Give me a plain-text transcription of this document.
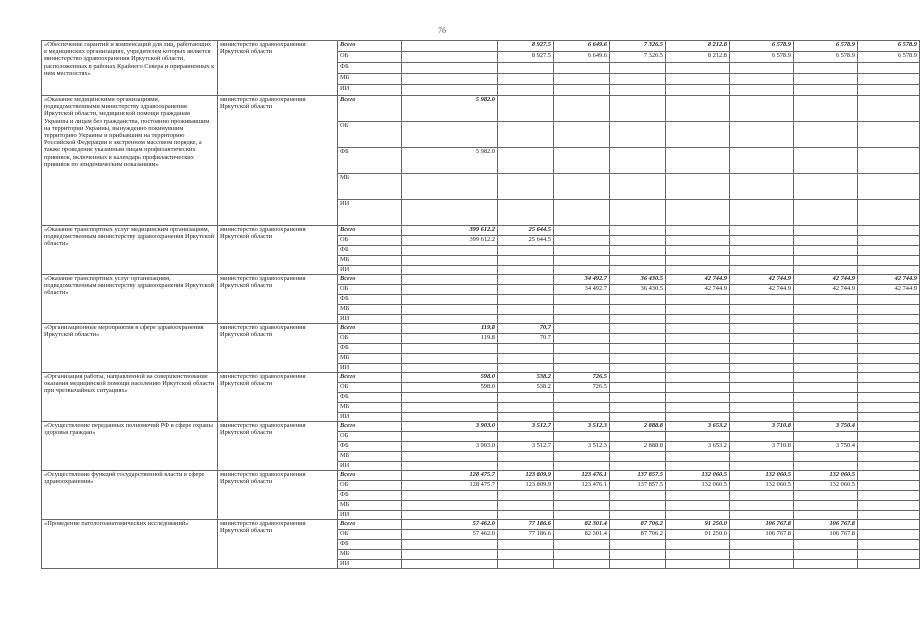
76
«Обеспечение гарантий и компенсаций для лиц, работающих в медицинских организациях, учредителем которых является министерство здравоохранения Иркутской области, расположенных в районах Крайнего Севера и приравненных к ним местностях»	министерство здравоохранения Иркутской области	Всего		8 927.5	6 649.6	7 326.5	8 212.8	6 578.9	6 578.9	6 578.9
		ОБ		8 927.5	6 649.6	7 326.5	8 212.8	6 578.9	6 578.9	6 578.9
		ФБ								
		МБ								
		ИИ								
«Оказание медицинскими организациями, подведомственными министерству здравоохранения Иркутской области, медицинской помощи гражданам Украины и лицам без гражданства, постоянно проживавшим на территории Украины, вынужденно покинувшим территорию Украины и прибывшим на территорию Российской Федерации в экстренном массовом порядке, а также проведение указанным лицам профилактических прививок, включенных в календарь профилактических прививок по эпидемическим показаниям»	министерство здравоохранения Иркутской области	Всего	5 982.0							
		ОБ								
		ФБ	5 982.0							
		МБ								
		ИИ								
«Оказание транспортных услуг медицинским организациям, подведомственным министерству здравоохранения Иркутской области»	министерство здравоохранения Иркутской области	Всего	399 612.2	25 644.5						
		ОБ	399 612.2	25 644.5						
		ФБ								
		МБ								
		ИИ								
«Оказание транспортных услуг организациям, подведомственным министерству здравоохранения Иркутской области»	министерство здравоохранения Иркутской области	Всего			34 492.7	36 430.5	42 744.9	42 744.9	42 744.9	42 744.9
		ОБ			34 492.7	36 430.5	42 744.9	42 744.9	42 744.9	42 744.9
		ФБ								
		МБ								
		ИИ								
«Организационные мероприятия в сфере здравоохранения Иркутской области»	министерство здравоохранения Иркутской области	Всего	119.8	70.7						
		ОБ	119.8	70.7						
		ФБ								
		МБ								
		ИИ								
«Организация работы, направленной на совершенствование оказания медицинской помощи населению Иркутской области при чрезвычайных ситуациях»	министерство здравоохранения Иркутской области	Всего	598.0	538.2	726.5					
		ОБ	598.0	538.2	726.5					
		ФБ								
		МБ								
		ИИ								
«Осуществление переданных полномочий РФ в сфере охраны здоровья граждан»	министерство здравоохранения Иркутской области	Всего	3 903.0	3 512.7	3 512.3	2 888.8	3 653.2	3 710.8	3 750.4	
		ОБ								
		ФБ	3 903.0	3 512.7	3 512.3	2 888.8	3 653.2	3 710.8	3 750.4	
		МБ								
		ИИ								
«Осуществление функций государственной власти в сфере здравоохранения»	министерство здравоохранения Иркутской области	Всего	128 475.7	123 809.9	123 476.1	137 857.5	132 060.5	132 060.5	132 060.5	
		ОБ	128 475.7	123 809.9	123 476.1	137 857.5	132 060.5	132 060.5	132 060.5	
		ФБ								
		МБ								
		ИИ								
«Проведение патологоанатомических исследований»	министерство здравоохранения Иркутской области	Всего	57 462.0	77 186.6	82 301.4	87 706.2	91 250.0	106 767.8	106 767.8	
		ОБ	57 462.0	77 186.6	82 301.4	87 706.2	91 250.0	106 767.8	106 767.8	
		ФБ								
		МБ								
		ИИ								
